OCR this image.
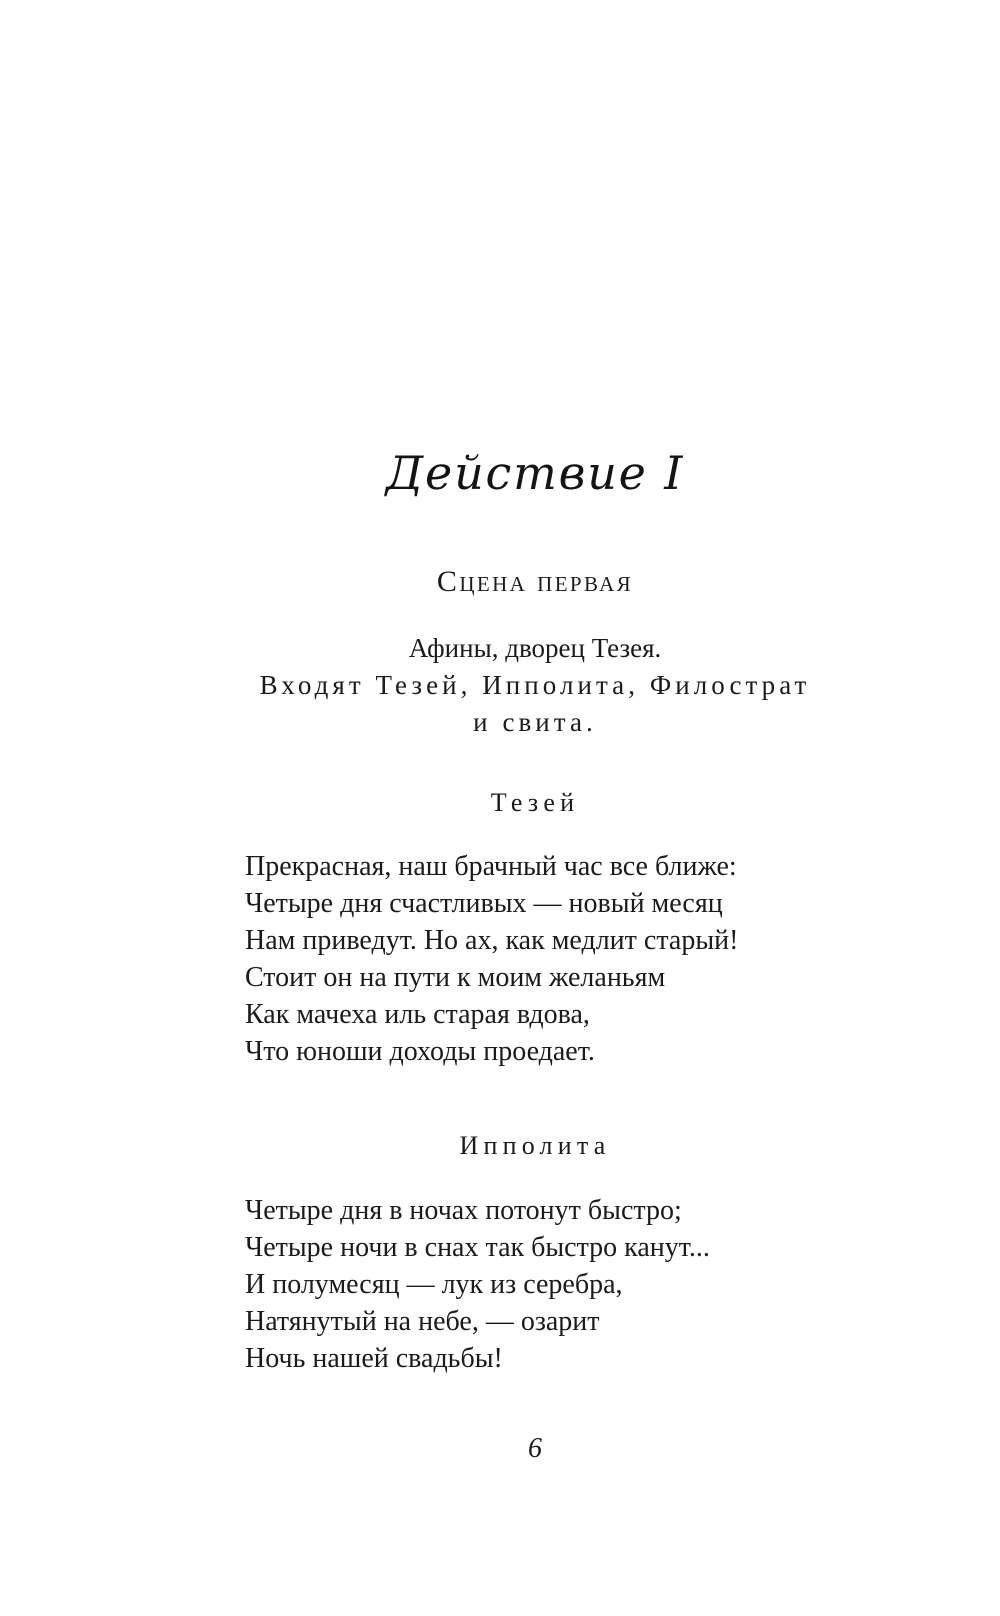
Действие I
Сцена первая
Афины, дворец Тезея.
Входят Тезей, Ипполита, Филострат
и свита.
Тезей
Прекрасная, наш брачный час все ближе:
Четыре дня счастливых — новый месяц
Нам приведут. Но ах, как медлит старый!
Стоит он на пути к моим желаньям
Как мачеха иль старая вдова,
Что юноши доходы проедает.
Ипполита
Четыре дня в ночах потонут быстро;
Четыре ночи в снах так быстро канут...
И полумесяц — лук из серебра,
Натянутый на небе, — озарит
Ночь нашей свадьбы!
6
